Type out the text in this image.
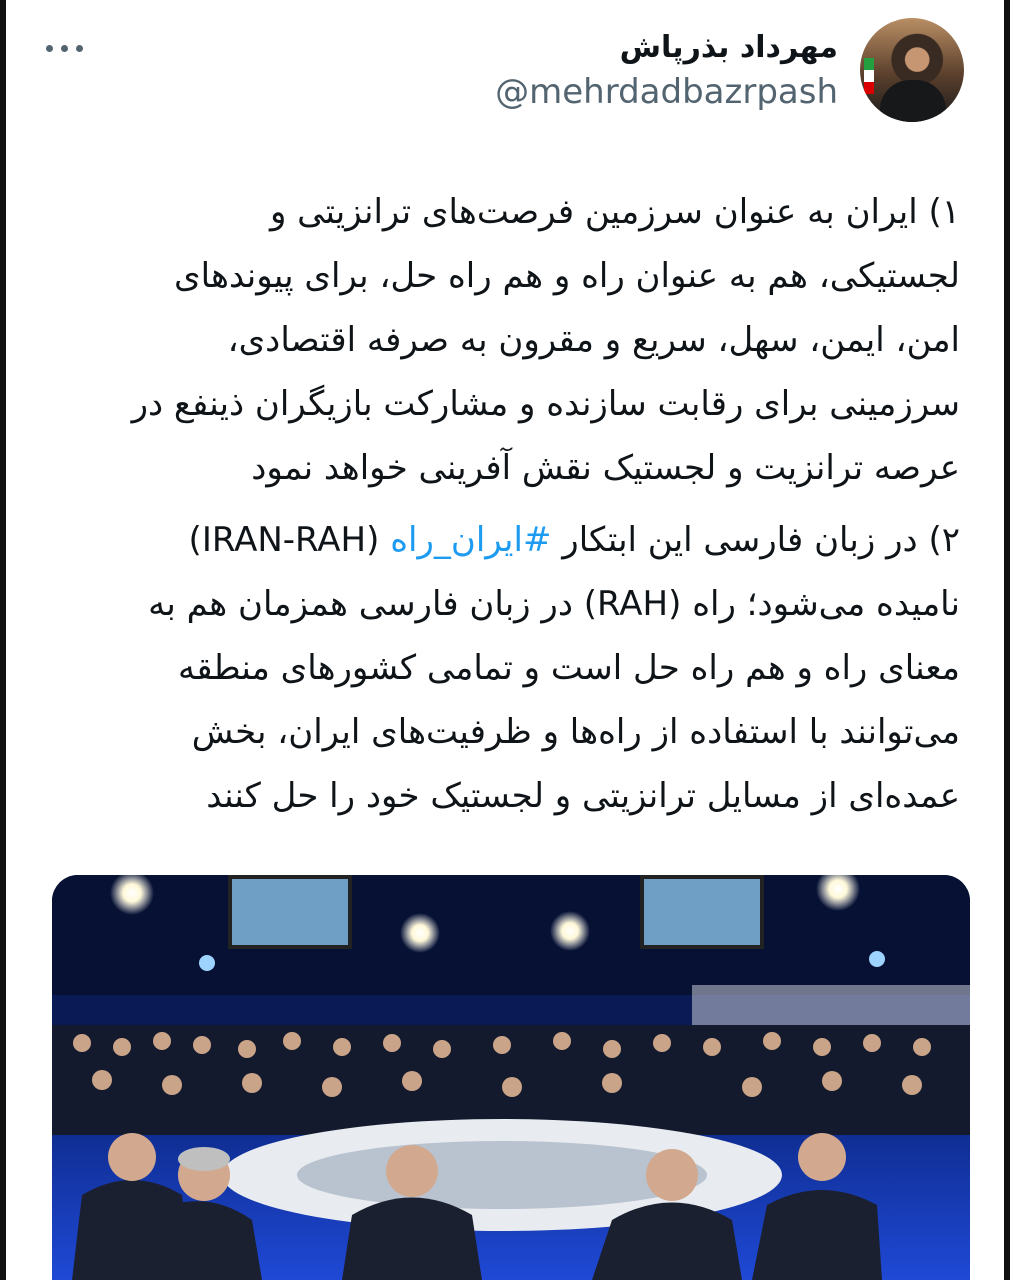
مهرداد بذرپاش
@mehrdadbazrpash

۱) ایران به عنوان سرزمین فرصت‌های ترانزیتی و
لجستیکی، هم به عنوان راه و هم راه حل، برای پیوندهای
امن، ایمن، سهل، سریع و مقرون به صرفه اقتصادی،
سرزمینی برای رقابت سازنده و مشارکت بازیگران ذینفع در
عرصه ترانزیت و لجستیک نقش آفرینی خواهد نمود

۲) در زبان فارسی این ابتکار #ایران_راه (IRAN-RAH)
نامیده می‌شود؛ راه (RAH) در زبان فارسی همزمان هم به
معنای راه و هم راه حل است و تمامی کشورهای منطقه
می‌توانند با استفاده از راه‌ها و ظرفیت‌های ایران، بخش
عمده‌ای از مسایل ترانزیتی و لجستیک خود را حل کنند
